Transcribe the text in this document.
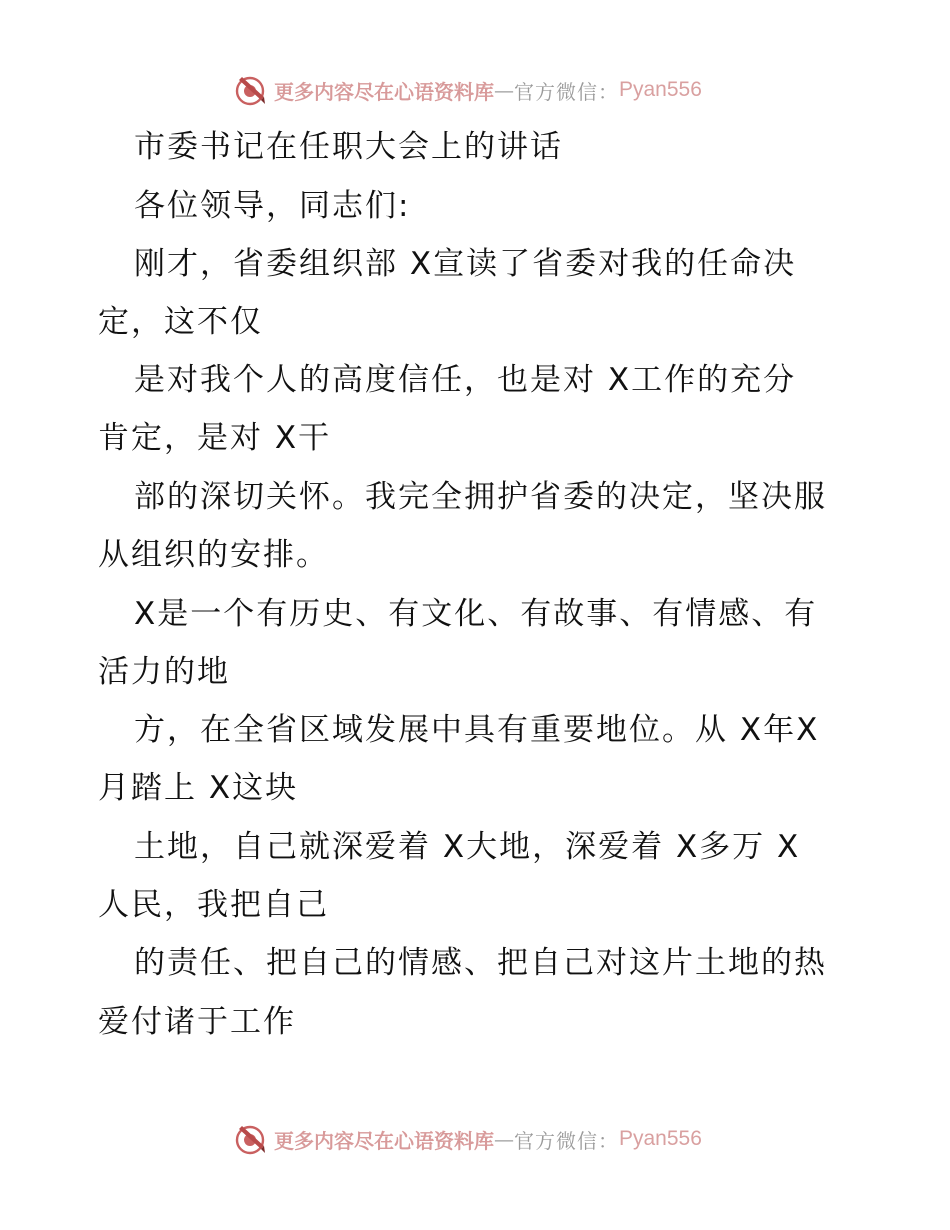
更多内容尽在心语资料库 — 官方微信： Pyan556
市委书记在任职大会上的讲话
各位领导，同志们:
刚才，省委组织部 X宣读了省委对我的任命决
定，这不仅
是对我个人的高度信任，也是对 X工作的充分
肯定，是对 X干
部的深切关怀。我完全拥护省委的决定，坚决服
从组织的安排。
X是一个有历史、有文化、有故事、有情感、有
活力的地
方，在全省区域发展中具有重要地位。从 X年X
月踏上 X这块
土地，自己就深爱着 X大地，深爱着 X多万 X
人民，我把自己
的责任、把自己的情感、把自己对这片土地的热
爱付诸于工作
更多内容尽在心语资料库 — 官方微信： Pyan556
